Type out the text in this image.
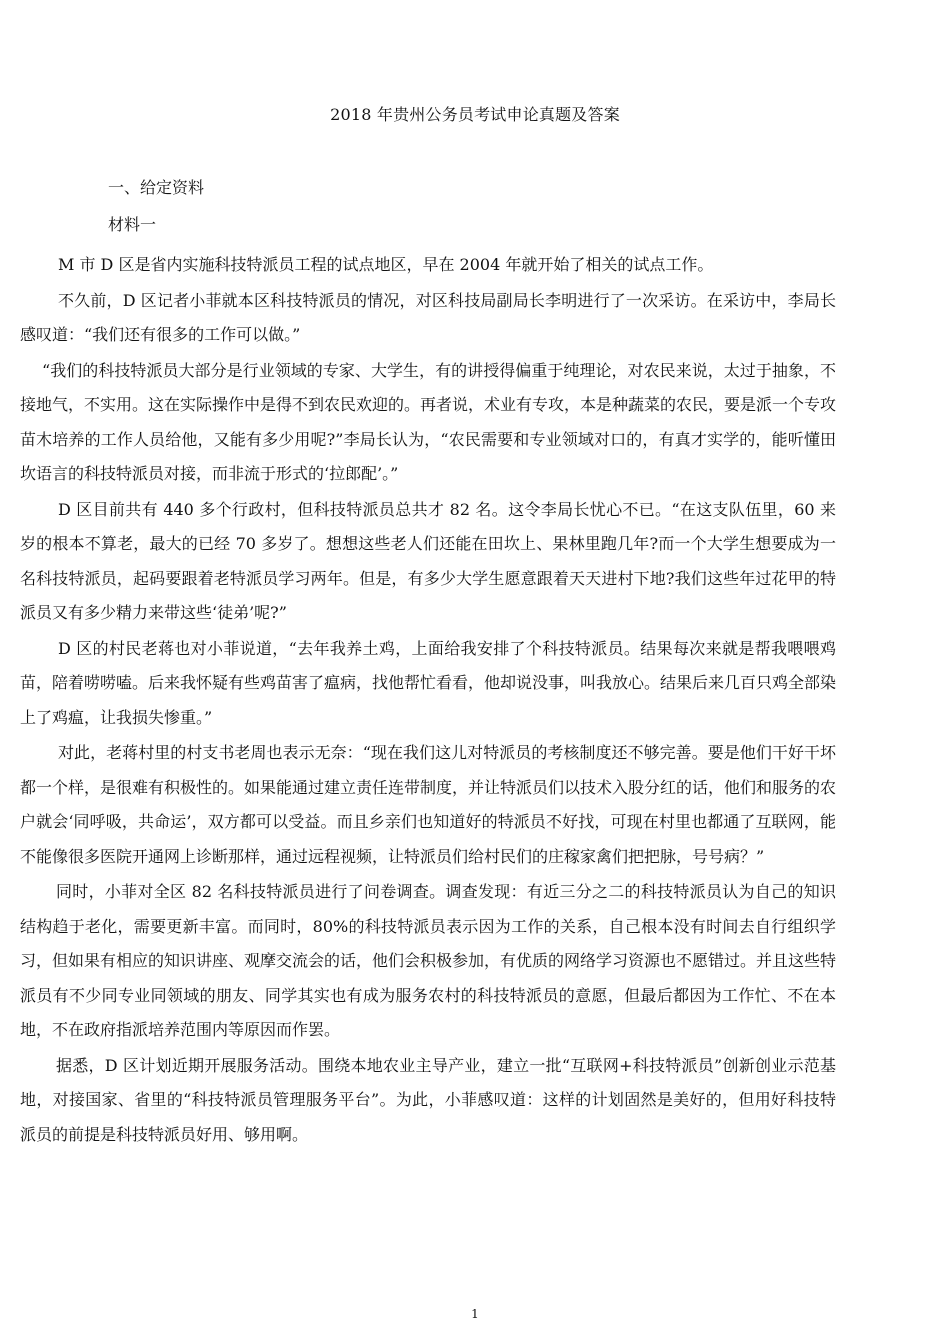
2018 年贵州公务员考试申论真题及答案
一、给定资料
材料一

M 市 D 区是省内实施科技特派员工程的试点地区，早在 2004 年就开始了相关的试点工作。

不久前，D 区记者小菲就本区科技特派员的情况，对区科技局副局长李明进行了一次采访。在采访中，李局长感叹道：“我们还有很多的工作可以做。”

“我们的科技特派员大部分是行业领域的专家、大学生，有的讲授得偏重于纯理论，对农民来说，太过于抽象，不接地气，不实用。这在实际操作中是得不到农民欢迎的。再者说，术业有专攻，本是种蔬菜的农民，要是派一个专攻苗木培养的工作人员给他，又能有多少用呢?”李局长认为，“农民需要和专业领域对口的，有真才实学的，能听懂田坎语言的科技特派员对接，而非流于形式的‘拉郎配’。”

D 区目前共有 440 多个行政村，但科技特派员总共才 82 名。这令李局长忧心不已。“在这支队伍里，60 来岁的根本不算老，最大的已经 70 多岁了。想想这些老人们还能在田坎上、果林里跑几年?而一个大学生想要成为一名科技特派员，起码要跟着老特派员学习两年。但是，有多少大学生愿意跟着天天进村下地?我们这些年过花甲的特派员又有多少精力来带这些‘徒弟’呢?”

D 区的村民老蒋也对小菲说道，“去年我养土鸡，上面给我安排了个科技特派员。结果每次来就是帮我喂喂鸡苗，陪着唠唠嗑。后来我怀疑有些鸡苗害了瘟病，找他帮忙看看，他却说没事，叫我放心。结果后来几百只鸡全部染上了鸡瘟，让我损失惨重。”

对此，老蒋村里的村支书老周也表示无奈：“现在我们这儿对特派员的考核制度还不够完善。要是他们干好干坏都一个样，是很难有积极性的。如果能通过建立责任连带制度，并让特派员们以技术入股分红的话，他们和服务的农户就会‘同呼吸，共命运’，双方都可以受益。而且乡亲们也知道好的特派员不好找，可现在村里也都通了互联网，能不能像很多医院开通网上诊断那样，通过远程视频，让特派员们给村民们的庄稼家禽们把把脉，号号病？”

同时，小菲对全区 82 名科技特派员进行了问卷调查。调查发现：有近三分之二的科技特派员认为自己的知识结构趋于老化，需要更新丰富。而同时，80%的科技特派员表示因为工作的关系，自己根本没有时间去自行组织学习，但如果有相应的知识讲座、观摩交流会的话，他们会积极参加，有优质的网络学习资源也不愿错过。并且这些特派员有不少同专业同领域的朋友、同学其实也有成为服务农村的科技特派员的意愿，但最后都因为工作忙、不在本地，不在政府指派培养范围内等原因而作罢。

据悉，D 区计划近期开展服务活动。围绕本地农业主导产业，建立一批“互联网+科技特派员”创新创业示范基地，对接国家、省里的“科技特派员管理服务平台”。为此，小菲感叹道：这样的计划固然是美好的，但用好科技特派员的前提是科技特派员好用、够用啊。

1
